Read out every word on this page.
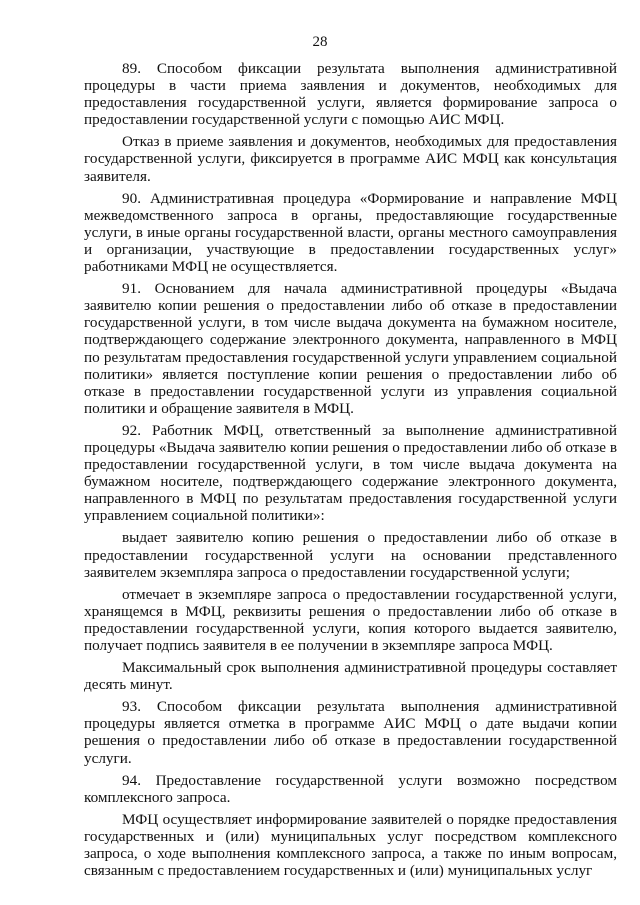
28

89. Способом фиксации результата выполнения административной процедуры в части приема заявления и документов, необходимых для предоставления государственной услуги, является формирование запроса о предоставлении государственной услуги с помощью АИС МФЦ.

Отказ в приеме заявления и документов, необходимых для предоставления государственной услуги, фиксируется в программе АИС МФЦ как консультация заявителя.

90. Административная процедура «Формирование и направление МФЦ межведомственного запроса в органы, предоставляющие государственные услуги, в иные органы государственной власти, органы местного самоуправления и организации, участвующие в предоставлении государственных услуг» работниками МФЦ не осуществляется.

91. Основанием для начала административной процедуры «Выдача заявителю копии решения о предоставлении либо об отказе в предоставлении государственной услуги, в том числе выдача документа на бумажном носителе, подтверждающего содержание электронного документа, направленного в МФЦ по результатам предоставления государственной услуги управлением социальной политики» является поступление копии решения о предоставлении либо об отказе в предоставлении государственной услуги из управления социальной политики и обращение заявителя в МФЦ.

92. Работник МФЦ, ответственный за выполнение административной процедуры «Выдача заявителю копии решения о предоставлении либо об отказе в предоставлении государственной услуги, в том числе выдача документа на бумажном носителе, подтверждающего содержание электронного документа, направленного в МФЦ по результатам предоставления государственной услуги управлением социальной политики»:

выдает заявителю копию решения о предоставлении либо об отказе в предоставлении государственной услуги на основании представленного заявителем экземпляра запроса о предоставлении государственной услуги;

отмечает в экземпляре запроса о предоставлении государственной услуги, хранящемся в МФЦ, реквизиты решения о предоставлении либо об отказе в предоставлении государственной услуги, копия которого выдается заявителю, получает подпись заявителя в ее получении в экземпляре запроса МФЦ.

Максимальный срок выполнения административной процедуры составляет десять минут.

93. Способом фиксации результата выполнения административной процедуры является отметка в программе АИС МФЦ о дате выдачи копии решения о предоставлении либо об отказе в предоставлении государственной услуги.

94. Предоставление государственной услуги возможно посредством комплексного запроса.

МФЦ осуществляет информирование заявителей о порядке предоставления государственных и (или) муниципальных услуг посредством комплексного запроса, о ходе выполнения комплексного запроса, а также по иным вопросам, связанным с предоставлением государственных и (или) муниципальных услуг
